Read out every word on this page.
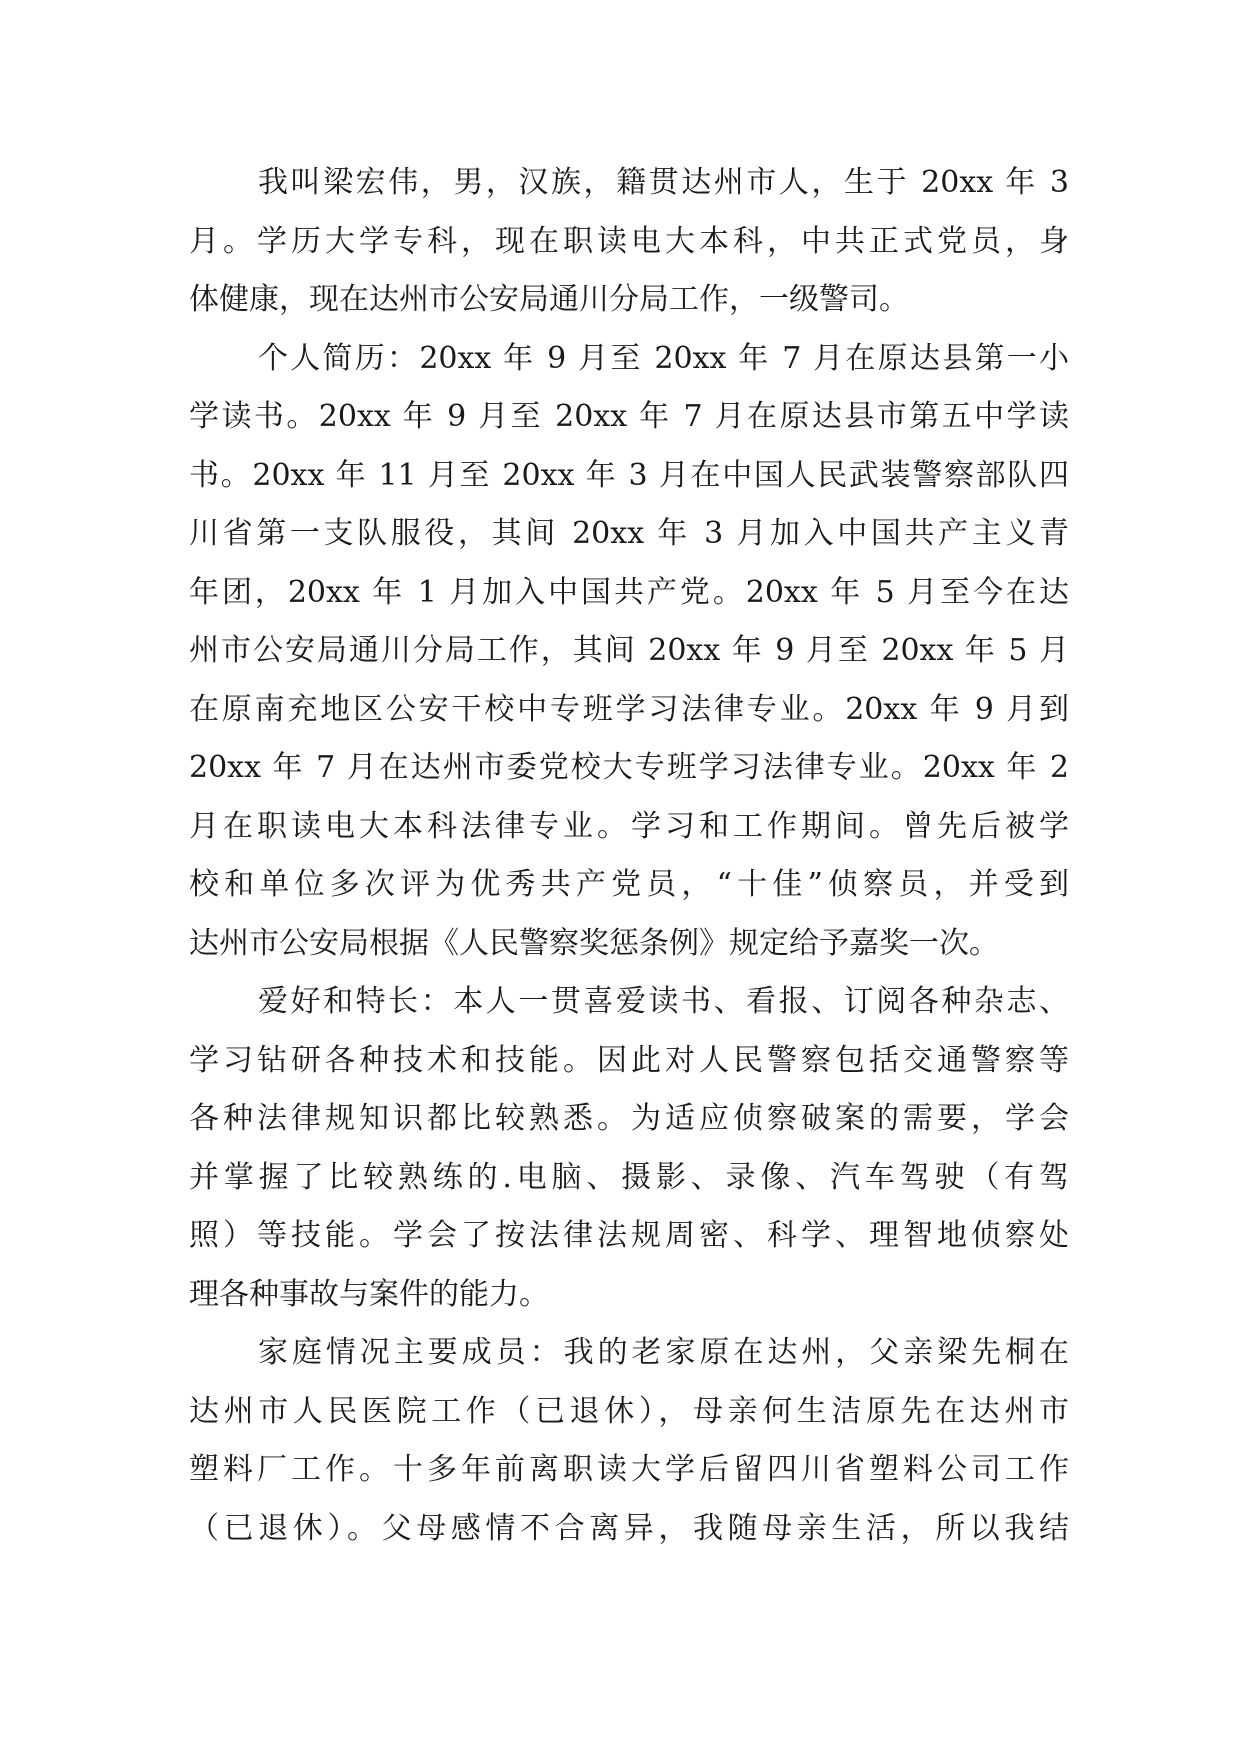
我叫梁宏伟，男，汉族，籍贯达州市人，生于 20xx 年 3
月。学历大学专科，现在职读电大本科，中共正式党员，身
体健康，现在达州市公安局通川分局工作，一级警司。
个人简历：20xx 年 9 月至 20xx 年 7 月在原达县第一小
学读书。20xx 年 9 月至 20xx 年 7 月在原达县市第五中学读
书。20xx 年 11 月至 20xx 年 3 月在中国人民武装警察部队四
川省第一支队服役，其间 20xx 年 3 月加入中国共产主义青
年团，20xx 年 1 月加入中国共产党。20xx 年 5 月至今在达
州市公安局通川分局工作，其间 20xx 年 9 月至 20xx 年 5 月
在原南充地区公安干校中专班学习法律专业。20xx 年 9 月到
20xx 年 7 月在达州市委党校大专班学习法律专业。20xx 年 2
月在职读电大本科法律专业。学习和工作期间。曾先后被学
校和单位多次评为优秀共产党员，“十佳”侦察员，并受到
达州市公安局根据《人民警察奖惩条例》规定给予嘉奖一次。
爱好和特长：本人一贯喜爱读书、看报、订阅各种杂志、
学习钻研各种技术和技能。因此对人民警察包括交通警察等
各种法律规知识都比较熟悉。为适应侦察破案的需要，学会
并掌握了比较熟练的.电脑、摄影、录像、汽车驾驶（有驾
照）等技能。学会了按法律法规周密、科学、理智地侦察处
理各种事故与案件的能力。
家庭情况主要成员：我的老家原在达州，父亲梁先桐在
达州市人民医院工作（已退休），母亲何生洁原先在达州市
塑料厂工作。十多年前离职读大学后留四川省塑料公司工作
（已退休）。父母感情不合离异，我随母亲生活，所以我结
